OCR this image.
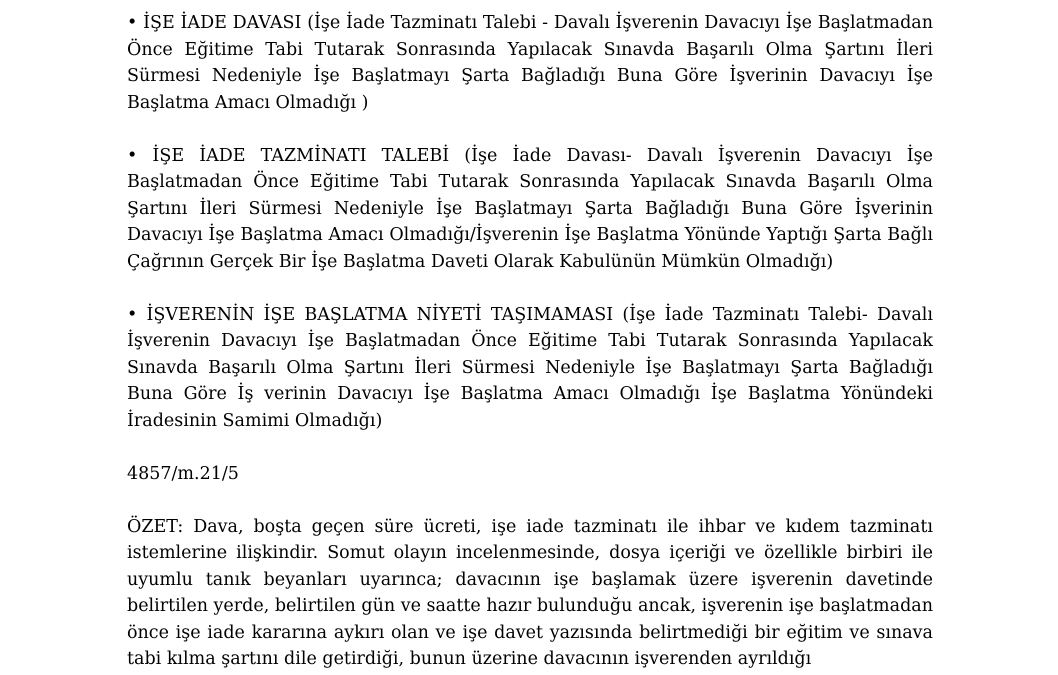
• İŞE İADE DAVASI (İşe İade Tazminatı Talebi - Davalı İşverenin Davacıyı İşe Başlatmadan Önce Eğitime Tabi Tutarak Sonrasında Yapılacak Sınavda Başarılı Olma Şartını İleri Sürmesi Nedeniyle İşe Başlatmayı Şarta Bağladığı Buna Göre İşverinin Davacıyı İşe Başlatma Amacı Olmadığı )

• İŞE İADE TAZMİNATI TALEBİ (İşe İade Davası- Davalı İşverenin Davacıyı İşe Başlatmadan Önce Eğitime Tabi Tutarak Sonrasında Yapılacak Sınavda Başarılı Olma Şartını İleri Sürmesi Nedeniyle İşe Başlatmayı Şarta Bağladığı Buna Göre İşverinin Davacıyı İşe Başlatma Amacı Olmadığı/İşverenin İşe Başlatma Yönünde Yaptığı Şarta Bağlı Çağrının Gerçek Bir İşe Başlatma Daveti Olarak Kabulünün Mümkün Olmadığı)

• İŞVERENİN İŞE BAŞLATMA NİYETİ TAŞIMAMASI (İşe İade Tazminatı Talebi- Davalı İşverenin Davacıyı İşe Başlatmadan Önce Eğitime Tabi Tutarak Sonrasında Yapılacak Sınavda Başarılı Olma Şartını İleri Sürmesi Nedeniyle İşe Başlatmayı Şarta Bağladığı Buna Göre İş verinin Davacıyı İşe Başlatma Amacı Olmadığı İşe Başlatma Yönündeki İradesinin Samimi Olmadığı)

4857/m.21/5

ÖZET: Dava, boşta geçen süre ücreti, işe iade tazminatı ile ihbar ve kıdem tazminatı istemlerine ilişkindir. Somut olayın incelenmesinde, dosya içeriği ve özellikle birbiri ile uyumlu tanık beyanları uyarınca; davacının işe başlamak üzere işverenin davetinde belirtilen yerde, belirtilen gün ve saatte hazır bulunduğu ancak, işverenin işe başlatmadan önce işe iade kararına aykırı olan ve işe davet yazısında belirtmediği bir eğitim ve sınava tabi kılma şartını dile getirdiği, bunun üzerine davacının işverenden ayrıldığı
